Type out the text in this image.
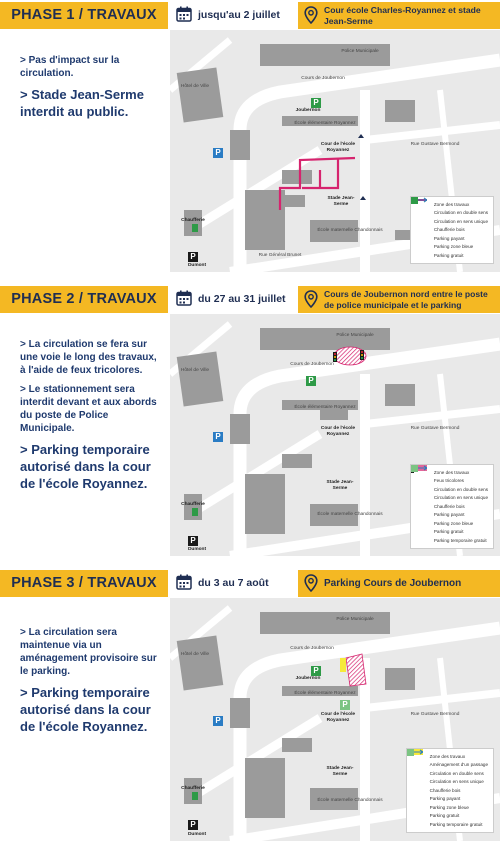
PHASE 1 / TRAVAUX	jusqu'au 2 juillet	Cour école Charles-Royannez et stade Jean-Serme

> Pas d'impact sur la circulation.

> Stade Jean-Serme interdit au public.

Police Municipale
Hôtel de Ville
Cours de Joubernon
Joubernon
École élémentaire Royannez
Cour de l'école Royannez
Stade Jean-Serme
École maternelle Chandonnais
Chaufferie
Dumont
Rue Général Brunet
Rue Gustave Bermond
P
P
P
Zone des travaux
Circulation en double sens
Circulation en sens unique
Chaufferie bois
Parking payant
Parking zone bleue
Parking gratuit
PHASE 2 / TRAVAUX	du 27 au 31 juillet	Cours de Joubernon nord entre le poste de police municipale et le parking

> La circulation se fera sur une voie le long des travaux, à l'aide de feux tricolores.

> Le stationnement sera interdit devant et aux abords du poste de Police Municipale.

> Parking temporaire autorisé dans la cour de l'école Royannez.

Police Municipale
Hôtel de Ville
Cours de Joubernon
École élémentaire Royannez
Cour de l'école Royannez
Stade Jean-Serme
École maternelle Chandonnais
Chaufferie
Dumont
Rue Gustave Bermond
P
P
P
Zone des travaux
Feux tricolores
Circulation en double sens
Circulation en sens unique
Chaufferie bois
Parking payant
Parking zone bleue
Parking gratuit
Parking temporaire gratuit
PHASE 3 / TRAVAUX	du 3 au 7 août	Parking Cours de Joubernon

> La circulation sera maintenue via un aménagement provisoire sur le parking.

> Parking temporaire autorisé dans la cour de l'école Royannez.

Police Municipale
Hôtel de Ville
Cours de Joubernon
Joubernon
École élémentaire Royannez
Cour de l'école Royannez
Stade Jean-Serme
École maternelle Chandonnais
Chaufferie
Dumont
Rue Gustave Bermond
P
P
P
P
Zone des travaux
Aménagement d'un passage
Circulation en double sens
Circulation en sens unique
Chaufferie bois
Parking payant
Parking zone bleue
Parking gratuit
Parking temporaire gratuit
